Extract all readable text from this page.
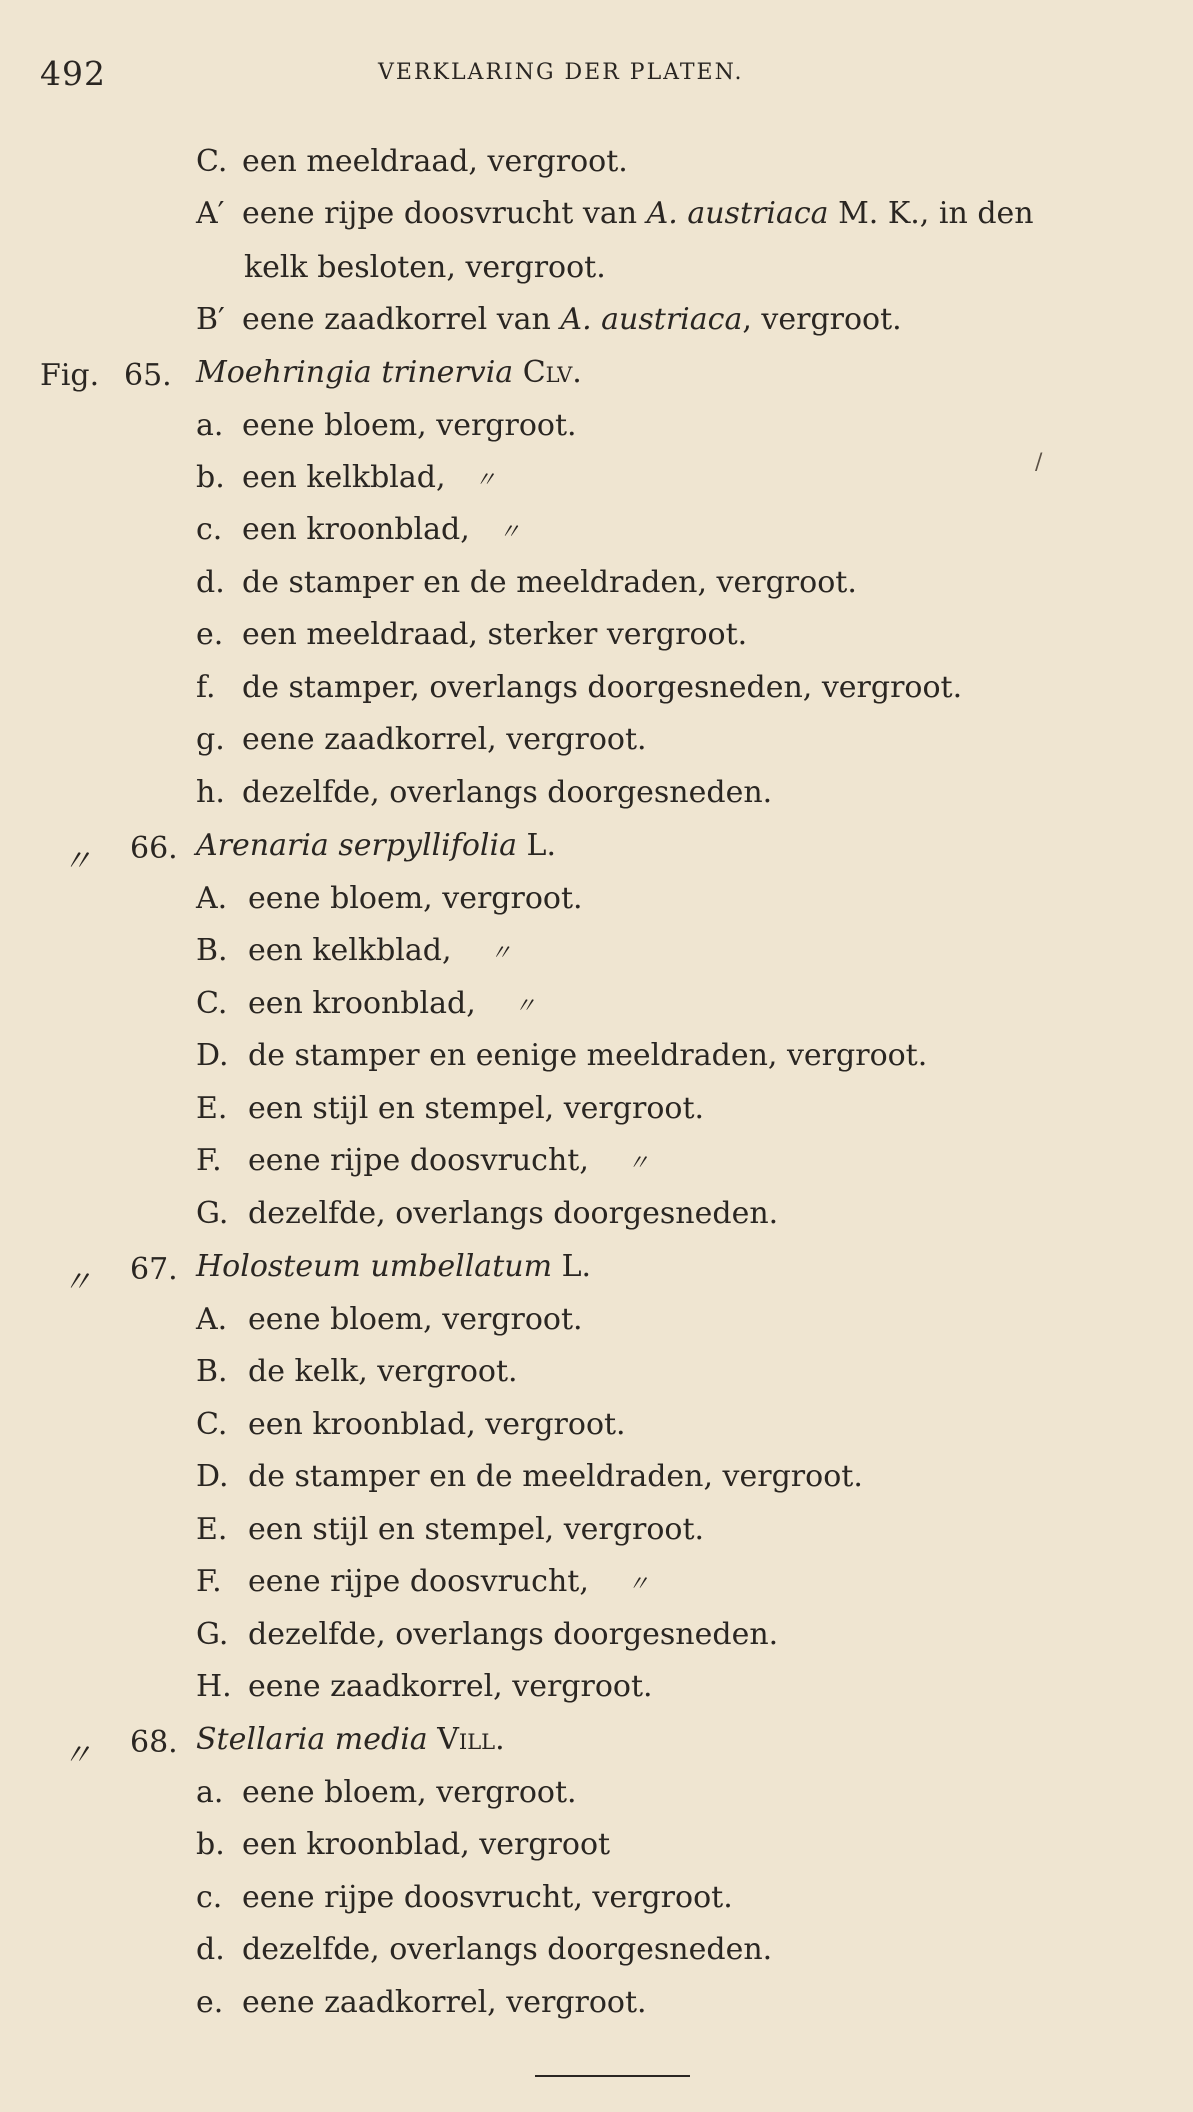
492	VERKLARING DER PLATEN.
C. een meeldraad, vergroot.
A′ eene rijpe doosvrucht van A. austriaca M. K., in den
kelk besloten, vergroot.
B′ eene zaadkorrel van A. austriaca, vergroot.
Fig. 65. Moehringia trinervia Clv.
a. eene bloem, vergroot.
b. een kelkblad, 〃
c. een kroonblad, 〃
d. de stamper en de meeldraden, vergroot.
e. een meeldraad, sterker vergroot.
f. de stamper, overlangs doorgesneden, vergroot.
g. eene zaadkorrel, vergroot.
h. dezelfde, overlangs doorgesneden.
〃 66. Arenaria serpyllifolia L.
A. eene bloem, vergroot.
B. een kelkblad, 〃
C. een kroonblad, 〃
D. de stamper en eenige meeldraden, vergroot.
E. een stijl en stempel, vergroot.
F. eene rijpe doosvrucht, 〃
G. dezelfde, overlangs doorgesneden.
〃 67. Holosteum umbellatum L.
A. eene bloem, vergroot.
B. de kelk, vergroot.
C. een kroonblad, vergroot.
D. de stamper en de meeldraden, vergroot.
E. een stijl en stempel, vergroot.
F. eene rijpe doosvrucht, 〃
G. dezelfde, overlangs doorgesneden.
H. eene zaadkorrel, vergroot.
〃 68. Stellaria media Vill.
a. eene bloem, vergroot.
b. een kroonblad, vergroot
c. eene rijpe doosvrucht, vergroot.
d. dezelfde, overlangs doorgesneden.
e. eene zaadkorrel, vergroot.
/
